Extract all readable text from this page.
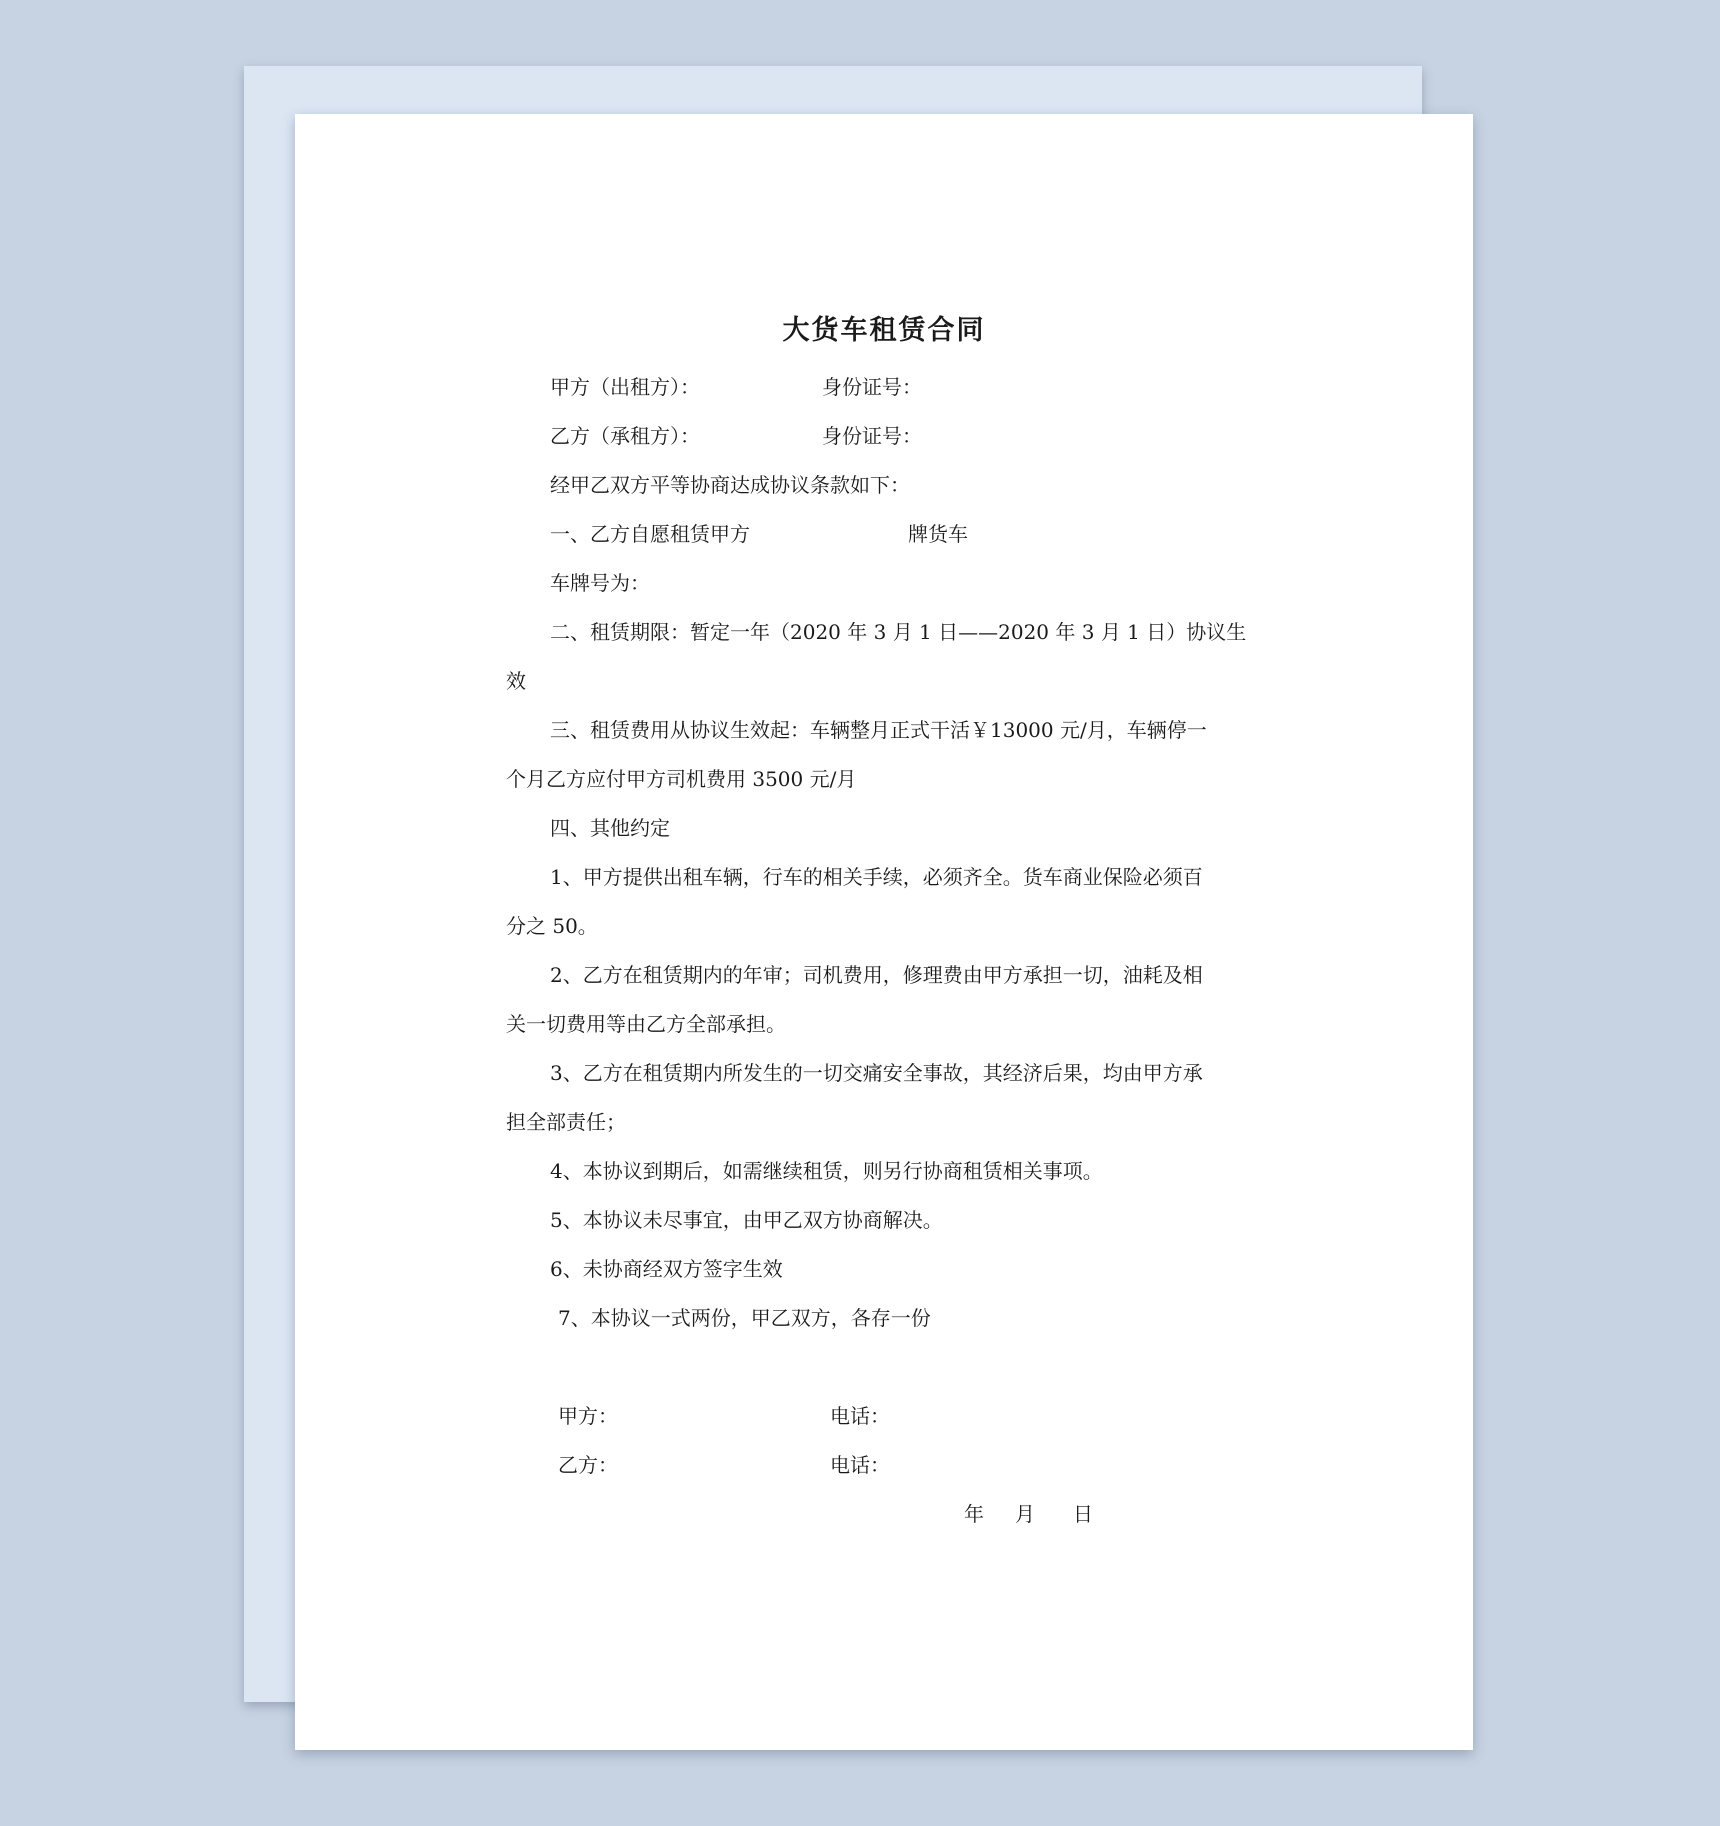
大货车租赁合同
甲方（出租方）：	身份证号：
乙方（承租方）：	身份证号：
经甲乙双方平等协商达成协议条款如下：
一、乙方自愿租赁甲方	牌货车
车牌号为：
二、租赁期限：暂定一年（2020 年 3 月 1 日——2020 年 3 月 1 日）协议生
效
三、租赁费用从协议生效起：车辆整月正式干活￥13000 元/月，车辆停一
个月乙方应付甲方司机费用 3500 元/月
四、其他约定
1、甲方提供出租车辆，行车的相关手续，必须齐全。货车商业保险必须百
分之 50。
2、乙方在租赁期内的年审；司机费用，修理费由甲方承担一切，油耗及相
关一切费用等由乙方全部承担。
3、乙方在租赁期内所发生的一切交痛安全事故，其经济后果，均由甲方承
担全部责任；
4、本协议到期后，如需继续租赁，则另行协商租赁相关事项。
5、本协议未尽事宜，由甲乙双方协商解决。
6、未协商经双方签字生效
7、本协议一式两份，甲乙双方，各存一份
甲方：	电话：
乙方：	电话：
年 月 日
